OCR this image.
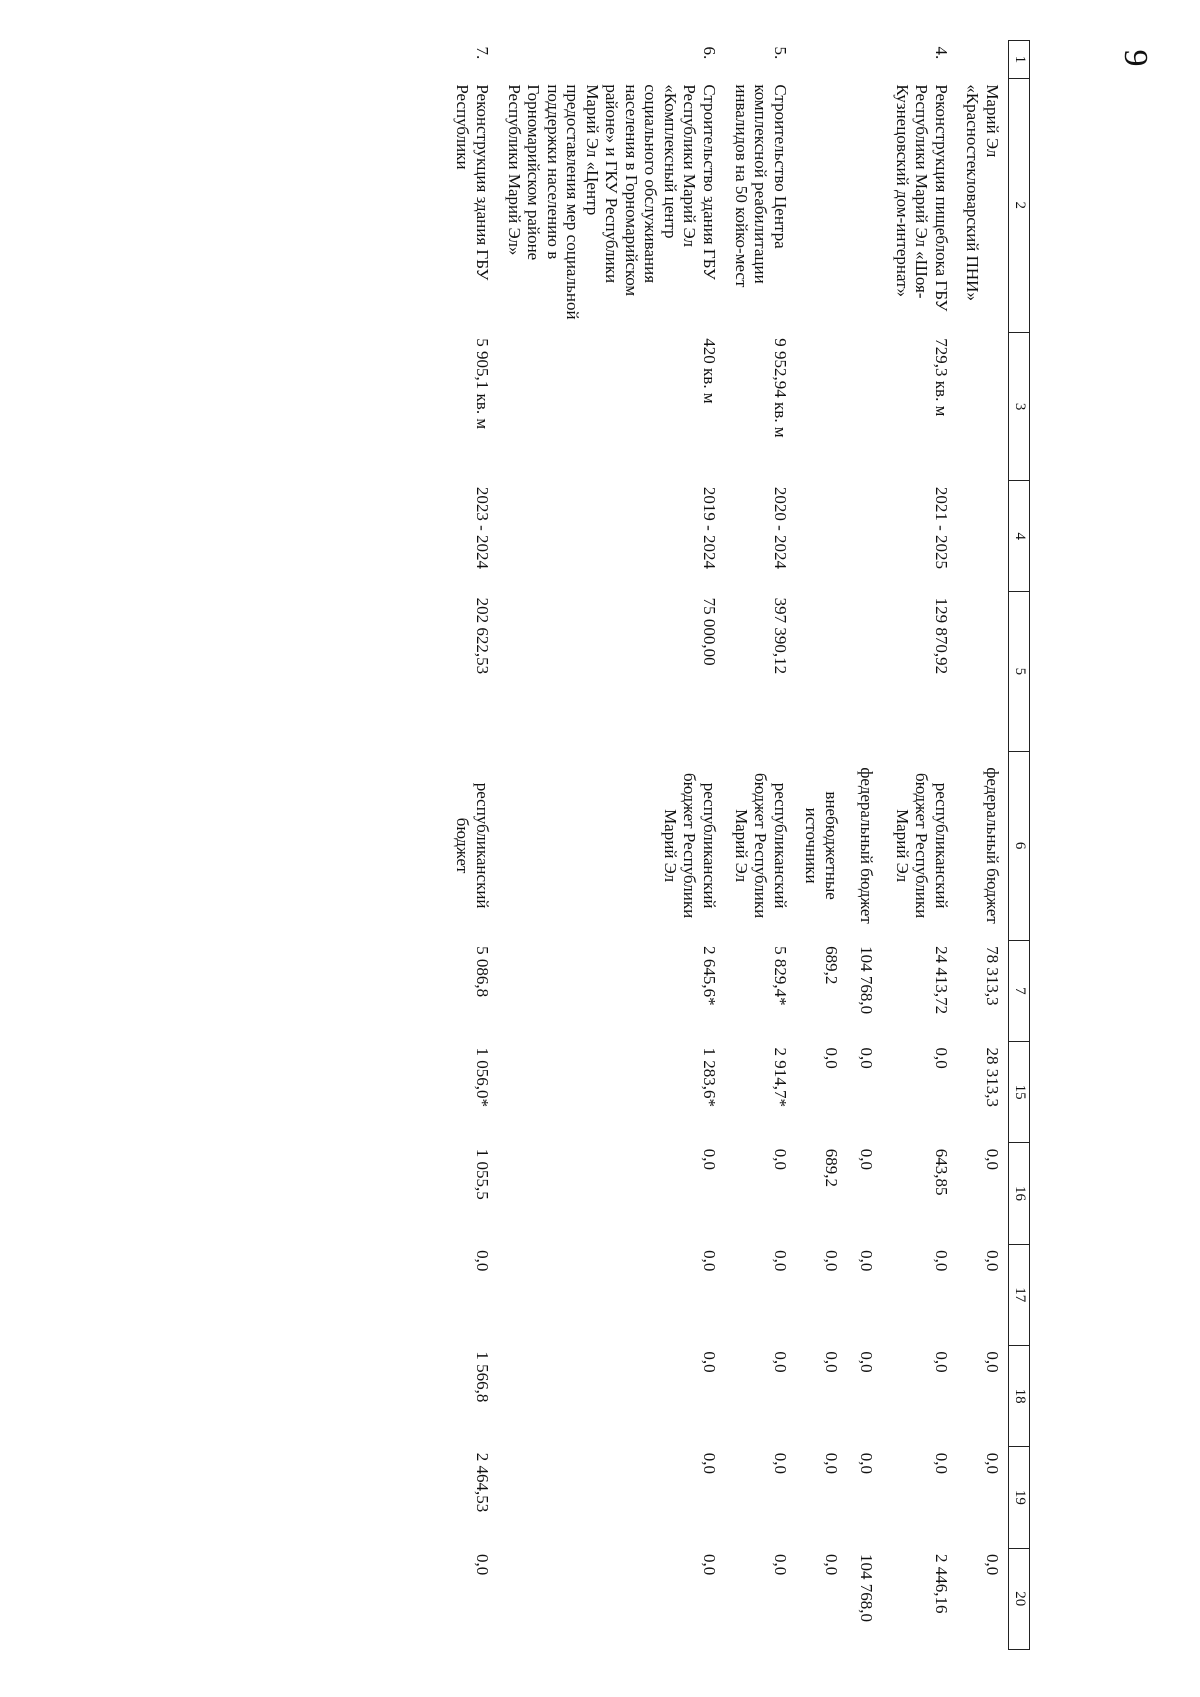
9
1	2	3	4	5	6	7	15	16	17	18	19	20
	Марий Эл «Красностекловарский ПНИ»				федеральный бюджет	78 313,3	28 313,3	0,0	0,0	0,0	0,0	0,0
4.	Реконструкция пищеблока ГБУ Республики Марий Эл «Шоя-Кузнецовский дом-интернат»	729,3 кв. м	2021 - 2025	129 870,92	республиканский бюджет Республики Марий Эл	24 413,72	0,0	643,85	0,0	0,0	0,0	2 446,16
					федеральный бюджет	104 768,0	0,0	0,0	0,0	0,0	0,0	104 768,0
					внебюджетные источники	689,2	0,0	689,2	0,0	0,0	0,0	0,0
5.	Строительство Центра комплексной реабилитации инвалидов на 50 койко-мест	9 952,94 кв. м	2020 - 2024	397 390,12	республиканский бюджет Республики Марий Эл	5 829,4*	2 914,7*	0,0	0,0	0,0	0,0	0,0
6.	Строительство здания ГБУ Республики Марий Эл «Комплексный центр социального обслуживания населения в Горномарийском районе» и ГКУ Республики Марий Эл «Центр предоставления мер социальной поддержки населению в Горномарийском районе Республики Марий Эл»	420 кв. м	2019 - 2024	75 000,00	республиканский бюджет Республики Марий Эл	2 645,6*	1 283,6*	0,0	0,0	0,0	0,0	0,0
7.	Реконструкция здания ГБУ Республики	5 905,1 кв. м	2023 - 2024	202 622,53	республиканский бюджет	5 086,8	1 056,0*	1 055,5	0,0	1 566,8	2 464,53	0,0
